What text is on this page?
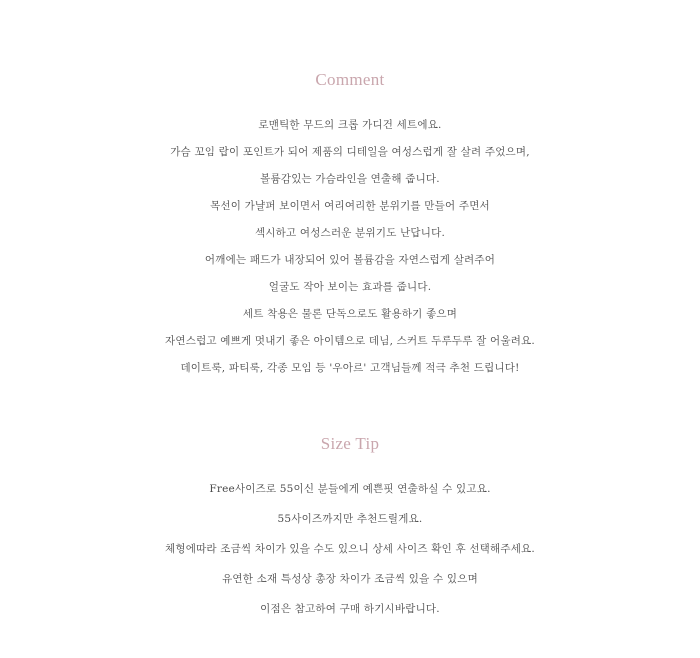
Comment
로맨틱한 무드의 크롭 가디건 세트에요.
가슴 꼬임 랍이 포인트가 되어 제품의 디테일을 여성스럽게 잘 살려 주었으며,
볼륨감있는 가슴라인을 연출해 줍니다.
목선이 가냘퍼 보이면서 여리여리한 분위기를 만들어 주면서
섹시하고 여성스러운 분위기도 난답니다.
어깨에는 패드가 내장되어 있어 볼륨감을 자연스럽게 살려주어
얼굴도 작아 보이는 효과를 줍니다.
세트 착용은 물론 단독으로도 활용하기 좋으며
자연스럽고 예쁘게 멋내기 좋은 아이템으로 데님, 스커트 두루두루 잘 어울려요.
데이트룩, 파티룩, 각종 모임 등 '우아르' 고객님들께 적극 추천 드립니다!
Size Tip
Free사이즈로 55이신 분들에게 예쁜핏 연출하실 수 있고요.
55사이즈까지만 추천드릴게요.
체형에따라 조금씩 차이가 있을 수도 있으니 상세 사이즈 확인 후 선택해주세요.
유연한 소재 특성상 총장 차이가 조금씩 있을 수 있으며
이점은 참고하여 구매 하기시바랍니다.
